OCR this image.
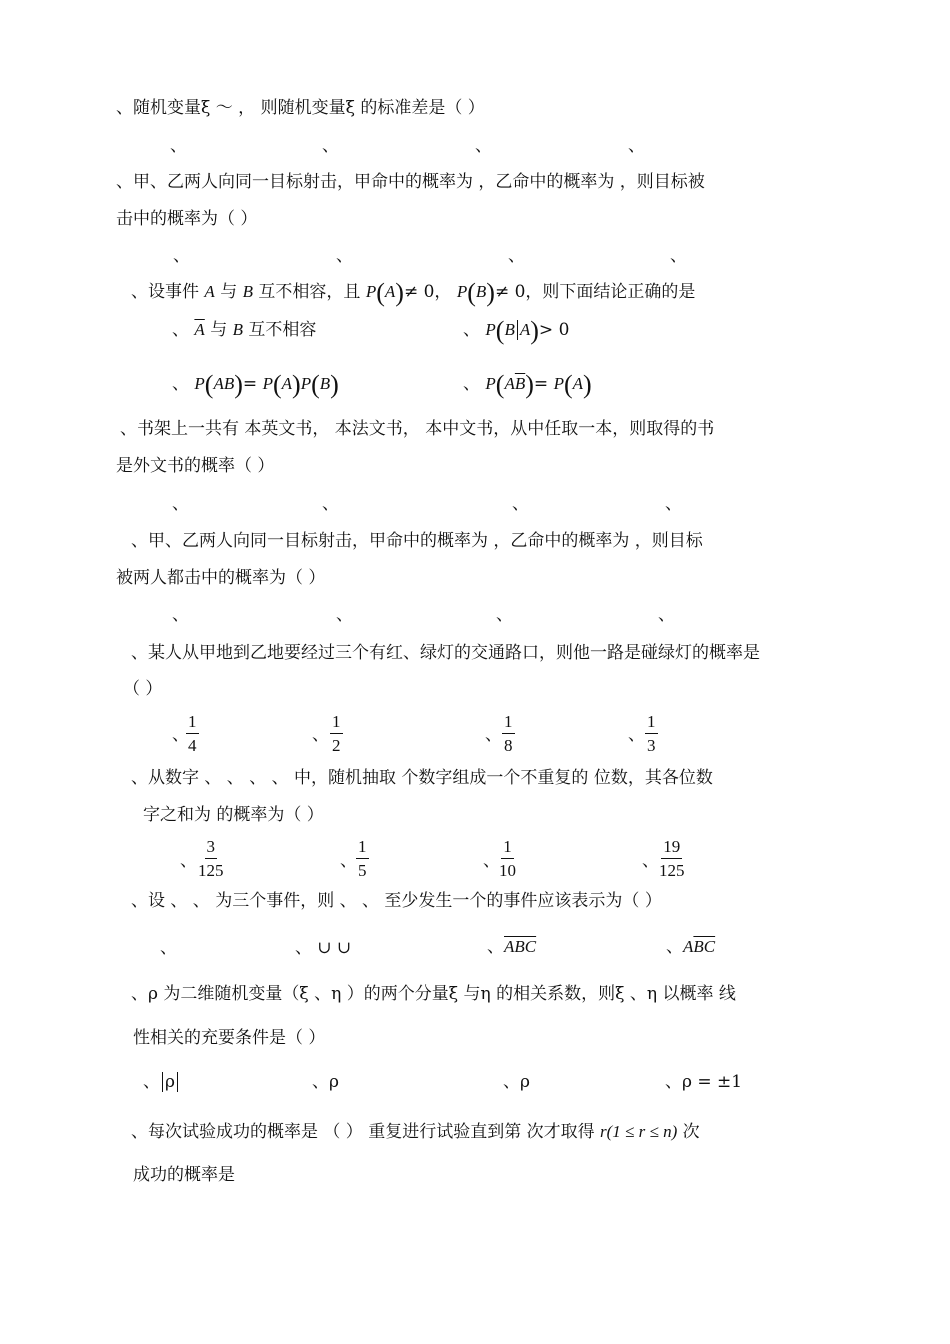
、随机变量ξ ～ ， 则随机变量ξ 的标准差是（ ）
、	、	、	、
、甲、乙两人向同一目标射击，甲命中的概率为 ，乙命中的概率为 ，则目标被
击中的概率为（ ）
、	、	、	、
、设事件 A 与 B 互不相容，且 P(A)≠ 0， P(B)≠ 0，则下面结论正确的是
、 $\overline{A}$ 与 B 互不相容	、 P(B A)> 0
、 P(AB)= P(A)P(B)	、 $P(A\overline{B})= P(A)$
、书架上一共有 本英文书， 本法文书， 本中文书，从中任取一本，则取得的书
是外文书的概率（ ）
、	、	、	、
、甲、乙两人向同一目标射击，甲命中的概率为 ，乙命中的概率为 ，则目标
被两人都击中的概率为（ ）
、	、	、	、
、某人从甲地到乙地要经过三个有红、绿灯的交通路口，则他一路是碰绿灯的概率是
（ ）
、
$\frac{1}{4}$	、 $\frac{1}{2}$	、 $\frac{1}{8}$	、 $\frac{1}{3}$
、从数字 、 、 、 、 中，随机抽取 个数字组成一个不重复的 位数，其各位数
字之和为 的概率为（ ）
、 $\frac{3}{125}$	、 $\frac{1}{5}$	、 $\frac{1}{10}$	、 $\frac{19}{125}$
、设 、 、 为三个事件，则 、 、 至少发生一个的事件应该表示为（ ）
、	、 ∪ ∪	、$\overline{ABC}$	、$A\overline{BC}$
、ρ 为二维随机变量（ξ 、η ）的两个分量ξ 与η 的相关系数，则ξ 、η 以概率 线
性相关的充要条件是（ ）
、 ρ	、ρ	、ρ	、ρ = ±1
、每次试验成功的概率是 （ ） 重复进行试验直到第 次才取得 r(1 ≤ r ≤ n) 次
成功的概率是
